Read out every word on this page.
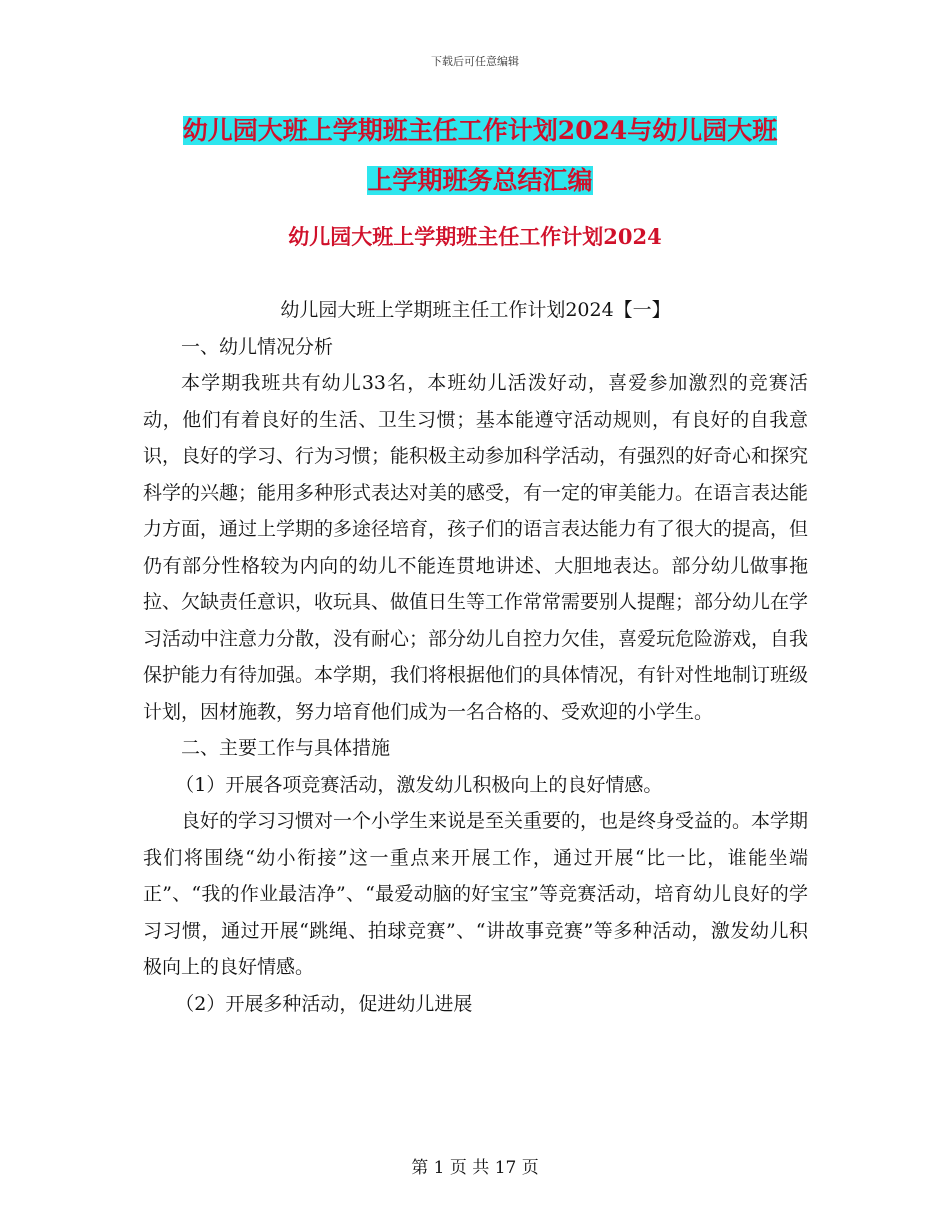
下载后可任意编辑
幼儿园大班上学期班主任工作计划2024与幼儿园大班
上学期班务总结汇编
幼儿园大班上学期班主任工作计划2024

幼儿园大班上学期班主任工作计划2024【一】

一、幼儿情况分析

本学期我班共有幼儿33名，本班幼儿活泼好动，喜爱参加激烈的竞赛活动，他们有着良好的生活、卫生习惯；基本能遵守活动规则，有良好的自我意识，良好的学习、行为习惯；能积极主动参加科学活动，有强烈的好奇心和探究科学的兴趣；能用多种形式表达对美的感受，有一定的审美能力。在语言表达能力方面，通过上学期的多途径培育，孩子们的语言表达能力有了很大的提高，但仍有部分性格较为内向的幼儿不能连贯地讲述、大胆地表达。部分幼儿做事拖拉、欠缺责任意识，收玩具、做值日生等工作常常需要别人提醒；部分幼儿在学习活动中注意力分散，没有耐心；部分幼儿自控力欠佳，喜爱玩危险游戏，自我保护能力有待加强。本学期，我们将根据他们的具体情况，有针对性地制订班级计划，因材施教，努力培育他们成为一名合格的、受欢迎的小学生。

二、主要工作与具体措施

（1）开展各项竞赛活动，激发幼儿积极向上的良好情感。

良好的学习习惯对一个小学生来说是至关重要的，也是终身受益的。本学期我们将围绕“幼小衔接”这一重点来开展工作，通过开展“比一比，谁能坐端正”、“我的作业最洁净”、“最爱动脑的好宝宝”等竞赛活动，培育幼儿良好的学习习惯，通过开展“跳绳、拍球竞赛”、“讲故事竞赛”等多种活动，激发幼儿积极向上的良好情感。

（2）开展多种活动，促进幼儿进展

第 1 页 共 17 页
